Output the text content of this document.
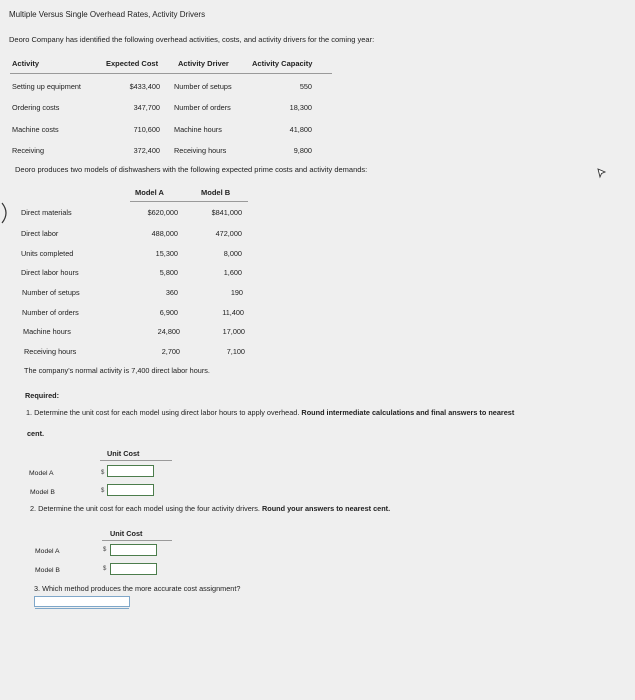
Multiple Versus Single Overhead Rates, Activity Drivers
Deoro Company has identified the following overhead activities, costs, and activity drivers for the coming year:
Activity	Expected Cost	Activity Driver	Activity Capacity
Setting up equipment	$433,400 Number of setups	550
Ordering costs	347,700 Number of orders	18,300
Machine costs	710,600 Machine hours	41,800
Receiving	372,400 Receiving hours	9,800
Deoro produces two models of dishwashers with the following expected prime costs and activity demands:
Model A	Model B
Direct materials	$620,000	$841,000
Direct labor	488,000	472,000
Units completed	15,300	8,000
Direct labor hours	5,800	1,600
Number of setups	360	190
Number of orders	6,900	11,400
Machine hours	24,800	17,000
Receiving hours	2,700	7,100
The company's normal activity is 7,400 direct labor hours.
Required:
1. Determine the unit cost for each model using direct labor hours to apply overhead. Round intermediate calculations and final answers to nearest
cent.
Unit Cost
Model A	$
Model B	$
2. Determine the unit cost for each model using the four activity drivers. Round your answers to nearest cent.
Unit Cost
Model A	$
Model B	$
3. Which method produces the more accurate cost assignment?
